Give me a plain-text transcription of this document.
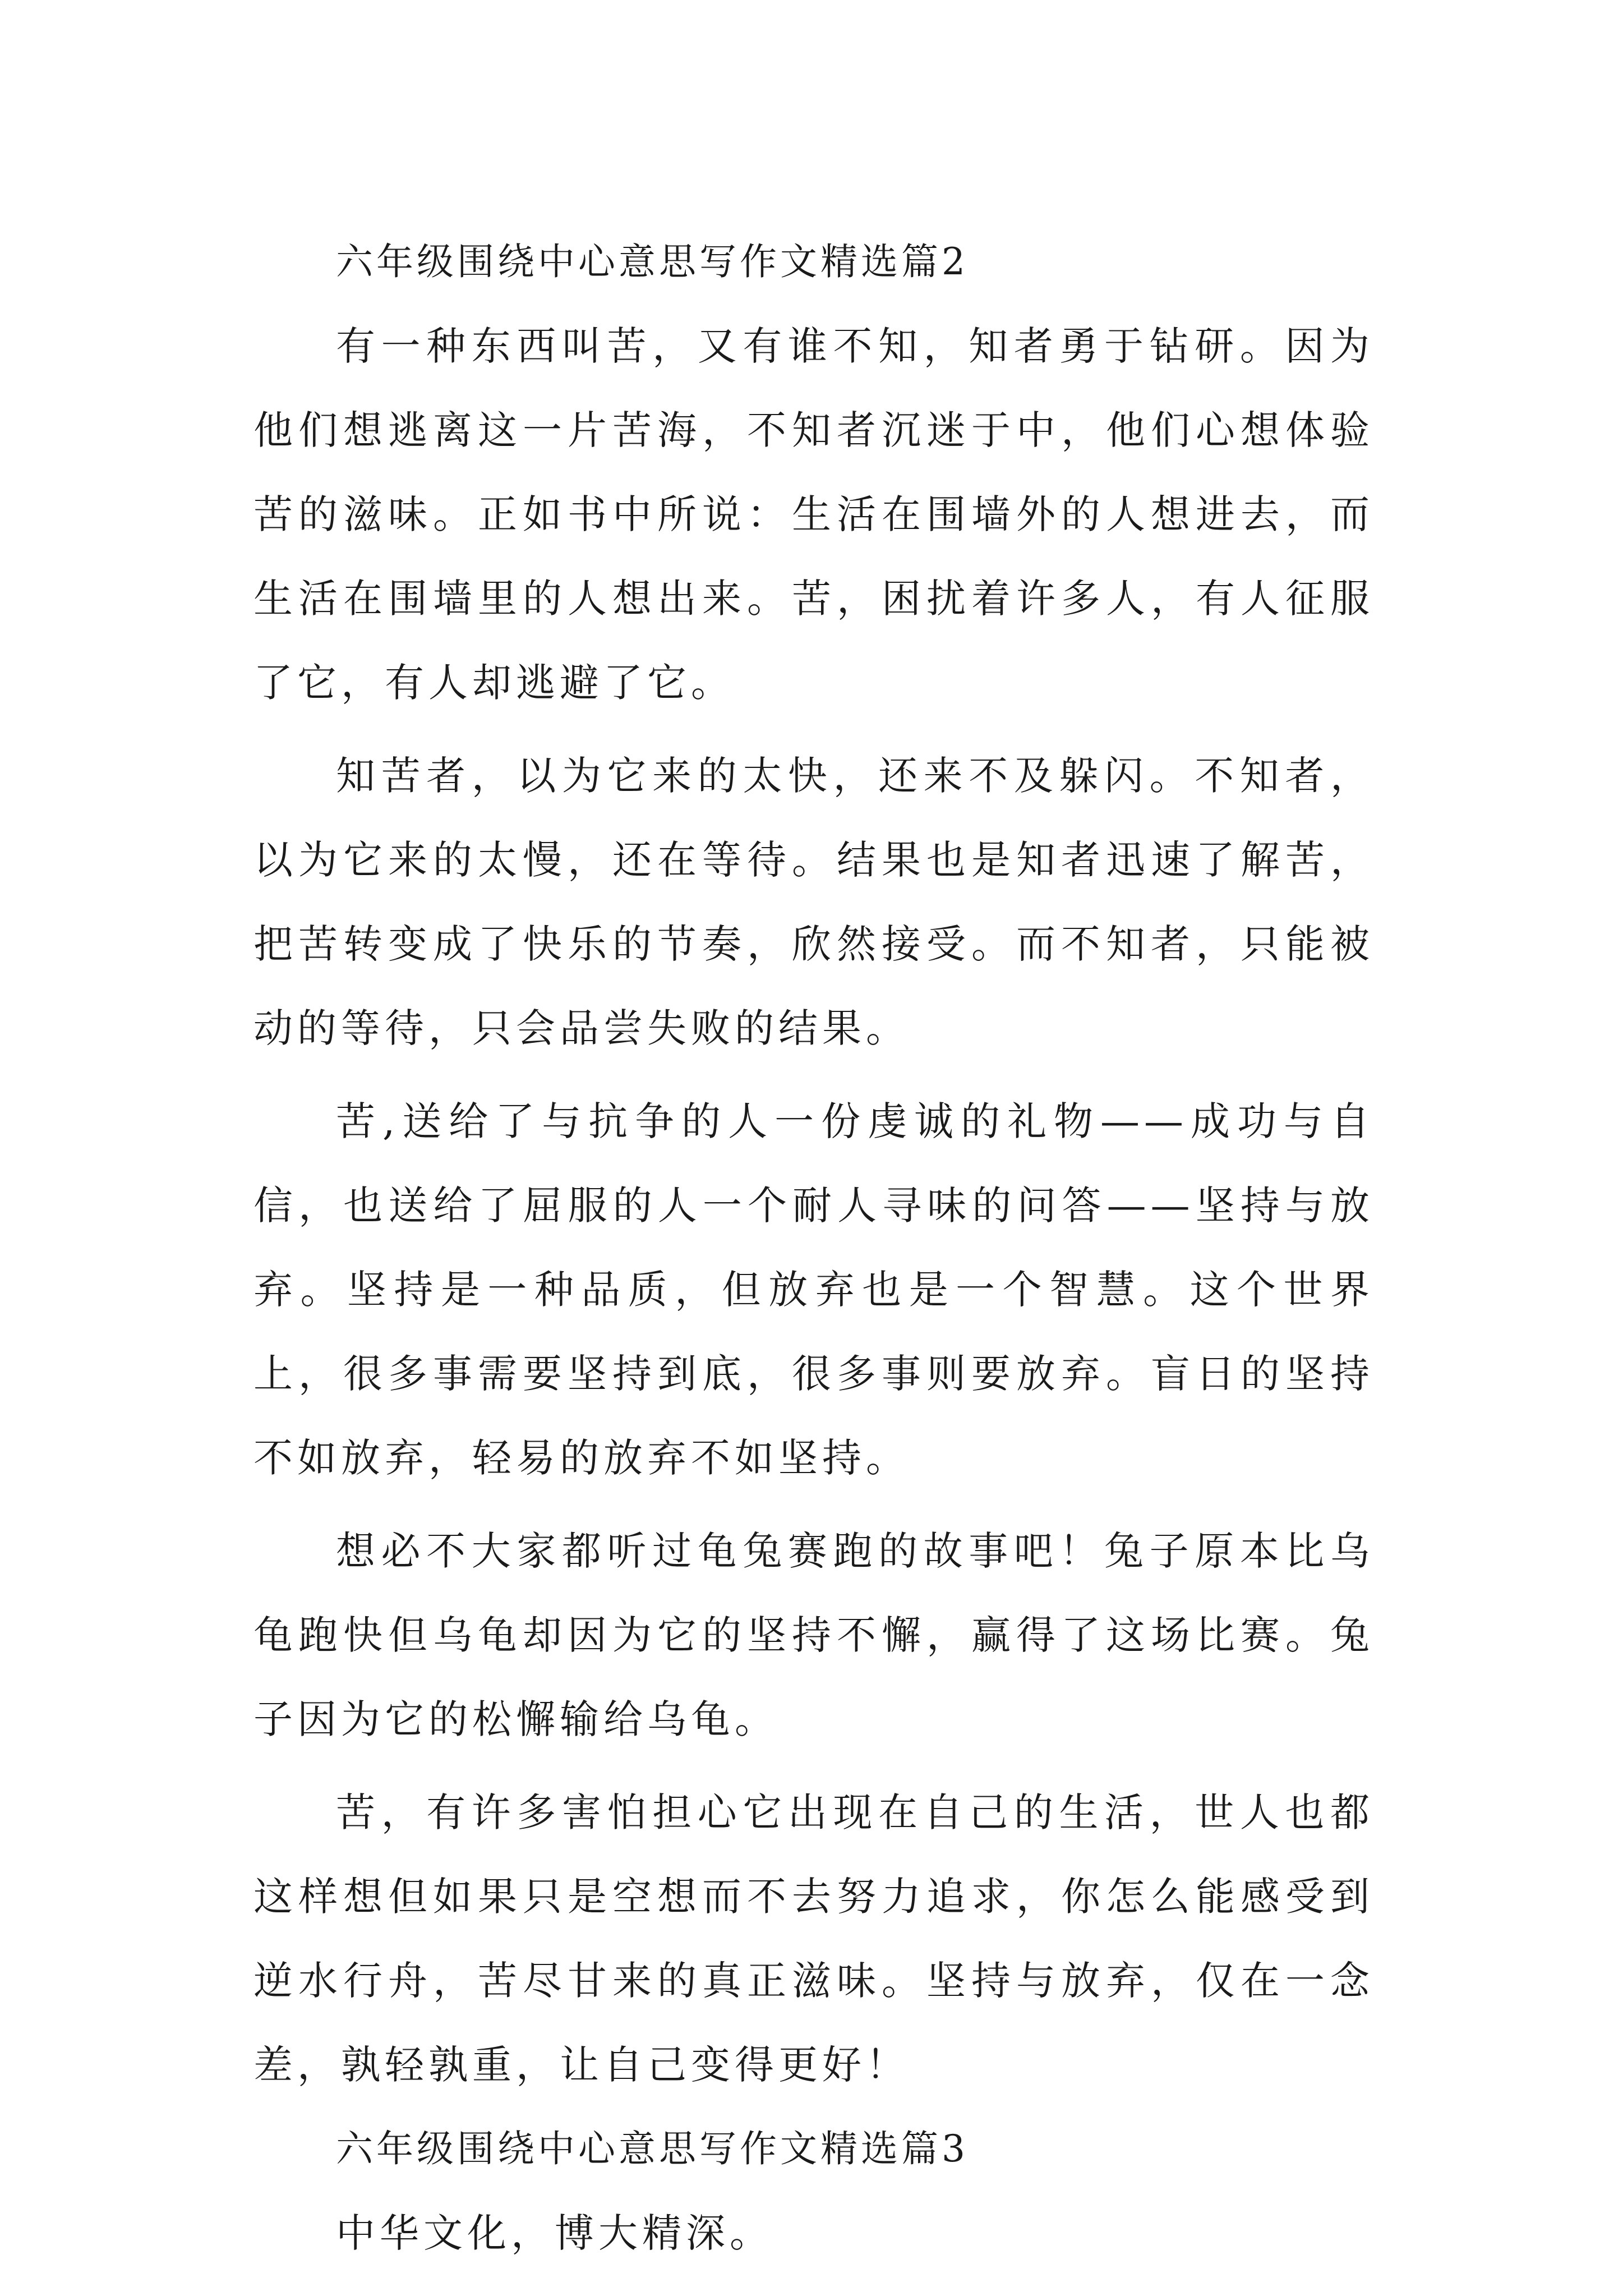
六年级围绕中心意思写作文精选篇2

有一种东西叫苦，又有谁不知，知者勇于钻研。因为他们想逃离这一片苦海，不知者沉迷于中，他们心想体验苦的滋味。正如书中所说：生活在围墙外的人想进去，而生活在围墙里的人想出来。苦，困扰着许多人，有人征服了它，有人却逃避了它。

知苦者，以为它来的太快，还来不及躲闪。不知者，以为它来的太慢，还在等待。结果也是知者迅速了解苦，把苦转变成了快乐的节奏，欣然接受。而不知者，只能被动的等待，只会品尝失败的结果。

苦,送给了与抗争的人一份虔诚的礼物——成功与自信，也送给了屈服的人一个耐人寻味的问答——坚持与放弃。坚持是一种品质，但放弃也是一个智慧。这个世界上，很多事需要坚持到底，很多事则要放弃。盲日的坚持不如放弃，轻易的放弃不如坚持。

想必不大家都听过龟兔赛跑的故事吧！兔子原本比乌龟跑快但乌龟却因为它的坚持不懈，赢得了这场比赛。兔子因为它的松懈输给乌龟。

苦，有许多害怕担心它出现在自己的生活，世人也都这样想但如果只是空想而不去努力追求，你怎么能感受到逆水行舟，苦尽甘来的真正滋味。坚持与放弃，仅在一念差，孰轻孰重，让自己变得更好！

六年级围绕中心意思写作文精选篇3

中华文化，博大精深。
